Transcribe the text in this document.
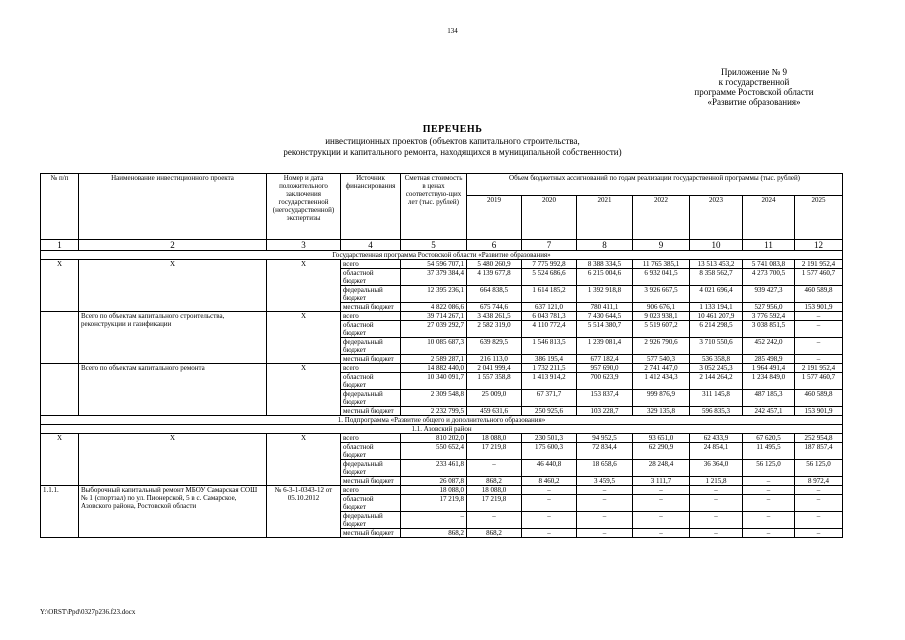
134
Приложение № 9
к государственной
программе Ростовской области
«Развитие образования»
ПЕРЕЧЕНЬ
инвестиционных проектов (объектов капитального строительства,
реконструкции и капитального ремонта, находящихся в муниципальной собственности)
№ п/п	Наименование инвестиционного проекта	Номер и дата положительного заключения государственной (негосударственной) экспертизы	Источник финансирования	Сметная стоимость в ценах соответствую-щих лет (тыс. рублей)	Объем бюджетных ассигнований по годам реализации государственной программы (тыс. рублей)						
					2019	2020	2021	2022	2023	2024	2025
1	2	3	4	5	6	7	8	9	10	11	12
Государственная программа Ростовской области «Развитие образования»											
X	X	X	всего	54 596 707,1	5 480 260,9	7 775 992,8	8 388 334,5	11 765 385,1	13 513 453,2	5 741 083,8	2 191 952,4
			областной бюджет	37 379 384,4	4 139 677,8	5 524 686,6	6 215 004,6	6 932 041,5	8 358 562,7	4 273 700,5	1 577 460,7
			федеральный бюджет	12 395 236,1	664 838,5	1 614 185,2	1 392 918,8	3 926 667,5	4 021 696,4	939 427,3	460 589,8
			местный бюджет	4 822 086,6	675 744,6	637 121,0	780 411,1	906 676,1	1 133 194,1	527 956,0	153 901,9
	Всего по объектам капитального строительства, реконструкции и газификации	X	всего	39 714 267,1	3 438 261,5	6 043 781,3	7 430 644,5	9 023 938,1	10 461 207,9	3 776 592,4	–
			областной бюджет	27 039 292,7	2 582 319,0	4 110 772,4	5 514 380,7	5 519 607,2	6 214 298,5	3 038 851,5	–
			федеральный бюджет	10 085 687,3	639 829,5	1 546 813,5	1 239 081,4	2 926 790,6	3 710 550,6	452 242,0	–
			местный бюджет	2 589 287,1	216 113,0	386 195,4	677 182,4	577 540,3	536 358,8	285 498,9	–
	Всего по объектам капитального ремонта	X	всего	14 882 440,0	2 041 999,4	1 732 211,5	957 690,0	2 741 447,0	3 052 245,3	1 964 491,4	2 191 952,4
			областной бюджет	10 340 091,7	1 557 358,8	1 413 914,2	700 623,9	1 412 434,3	2 144 264,2	1 234 849,0	1 577 460,7
			федеральный бюджет	2 309 548,8	25 009,0	67 371,7	153 837,4	999 876,9	311 145,8	487 185,3	460 589,8
			местный бюджет	2 232 799,5	459 631,6	250 925,6	103 228,7	329 135,8	596 835,3	242 457,1	153 901,9
1. Подпрограмма «Развитие общего и дополнительного образования»											
1.1. Азовский район											
X	X	X	всего	810 202,0	18 088,0	230 501,3	94 952,5	93 651,0	62 433,9	67 620,5	252 954,8
			областной бюджет	550 652,4	17 219,8	175 600,3	72 834,4	62 290,9	24 854,1	11 495,5	187 857,4
			федеральный бюджет	233 461,8	–	46 440,8	18 658,6	28 248,4	36 364,0	56 125,0	56 125,0
			местный бюджет	26 087,8	868,2	8 460,2	3 459,5	3 111,7	1 215,8	–	8 972,4
1.1.1.	Выборочный капитальный ремонт МБОУ Самарская СОШ № 1 (спортзал) по ул. Пионерской, 5 в с. Самарское, Азовского района, Ростовской области	№ 6-3-1-0343-12 от 05.10.2012	всего	18 088,0	18 088,0	–	–	–	–	–	–
			областной бюджет	17 219,8	17 219,8	–	–	–	–	–	–
			федеральный бюджет	–	–	–	–	–	–	–	–
			местный бюджет	868,2	868,2	–	–	–	–	–	–
Y:\ORST\Ppd\0327p236.f23.docx
